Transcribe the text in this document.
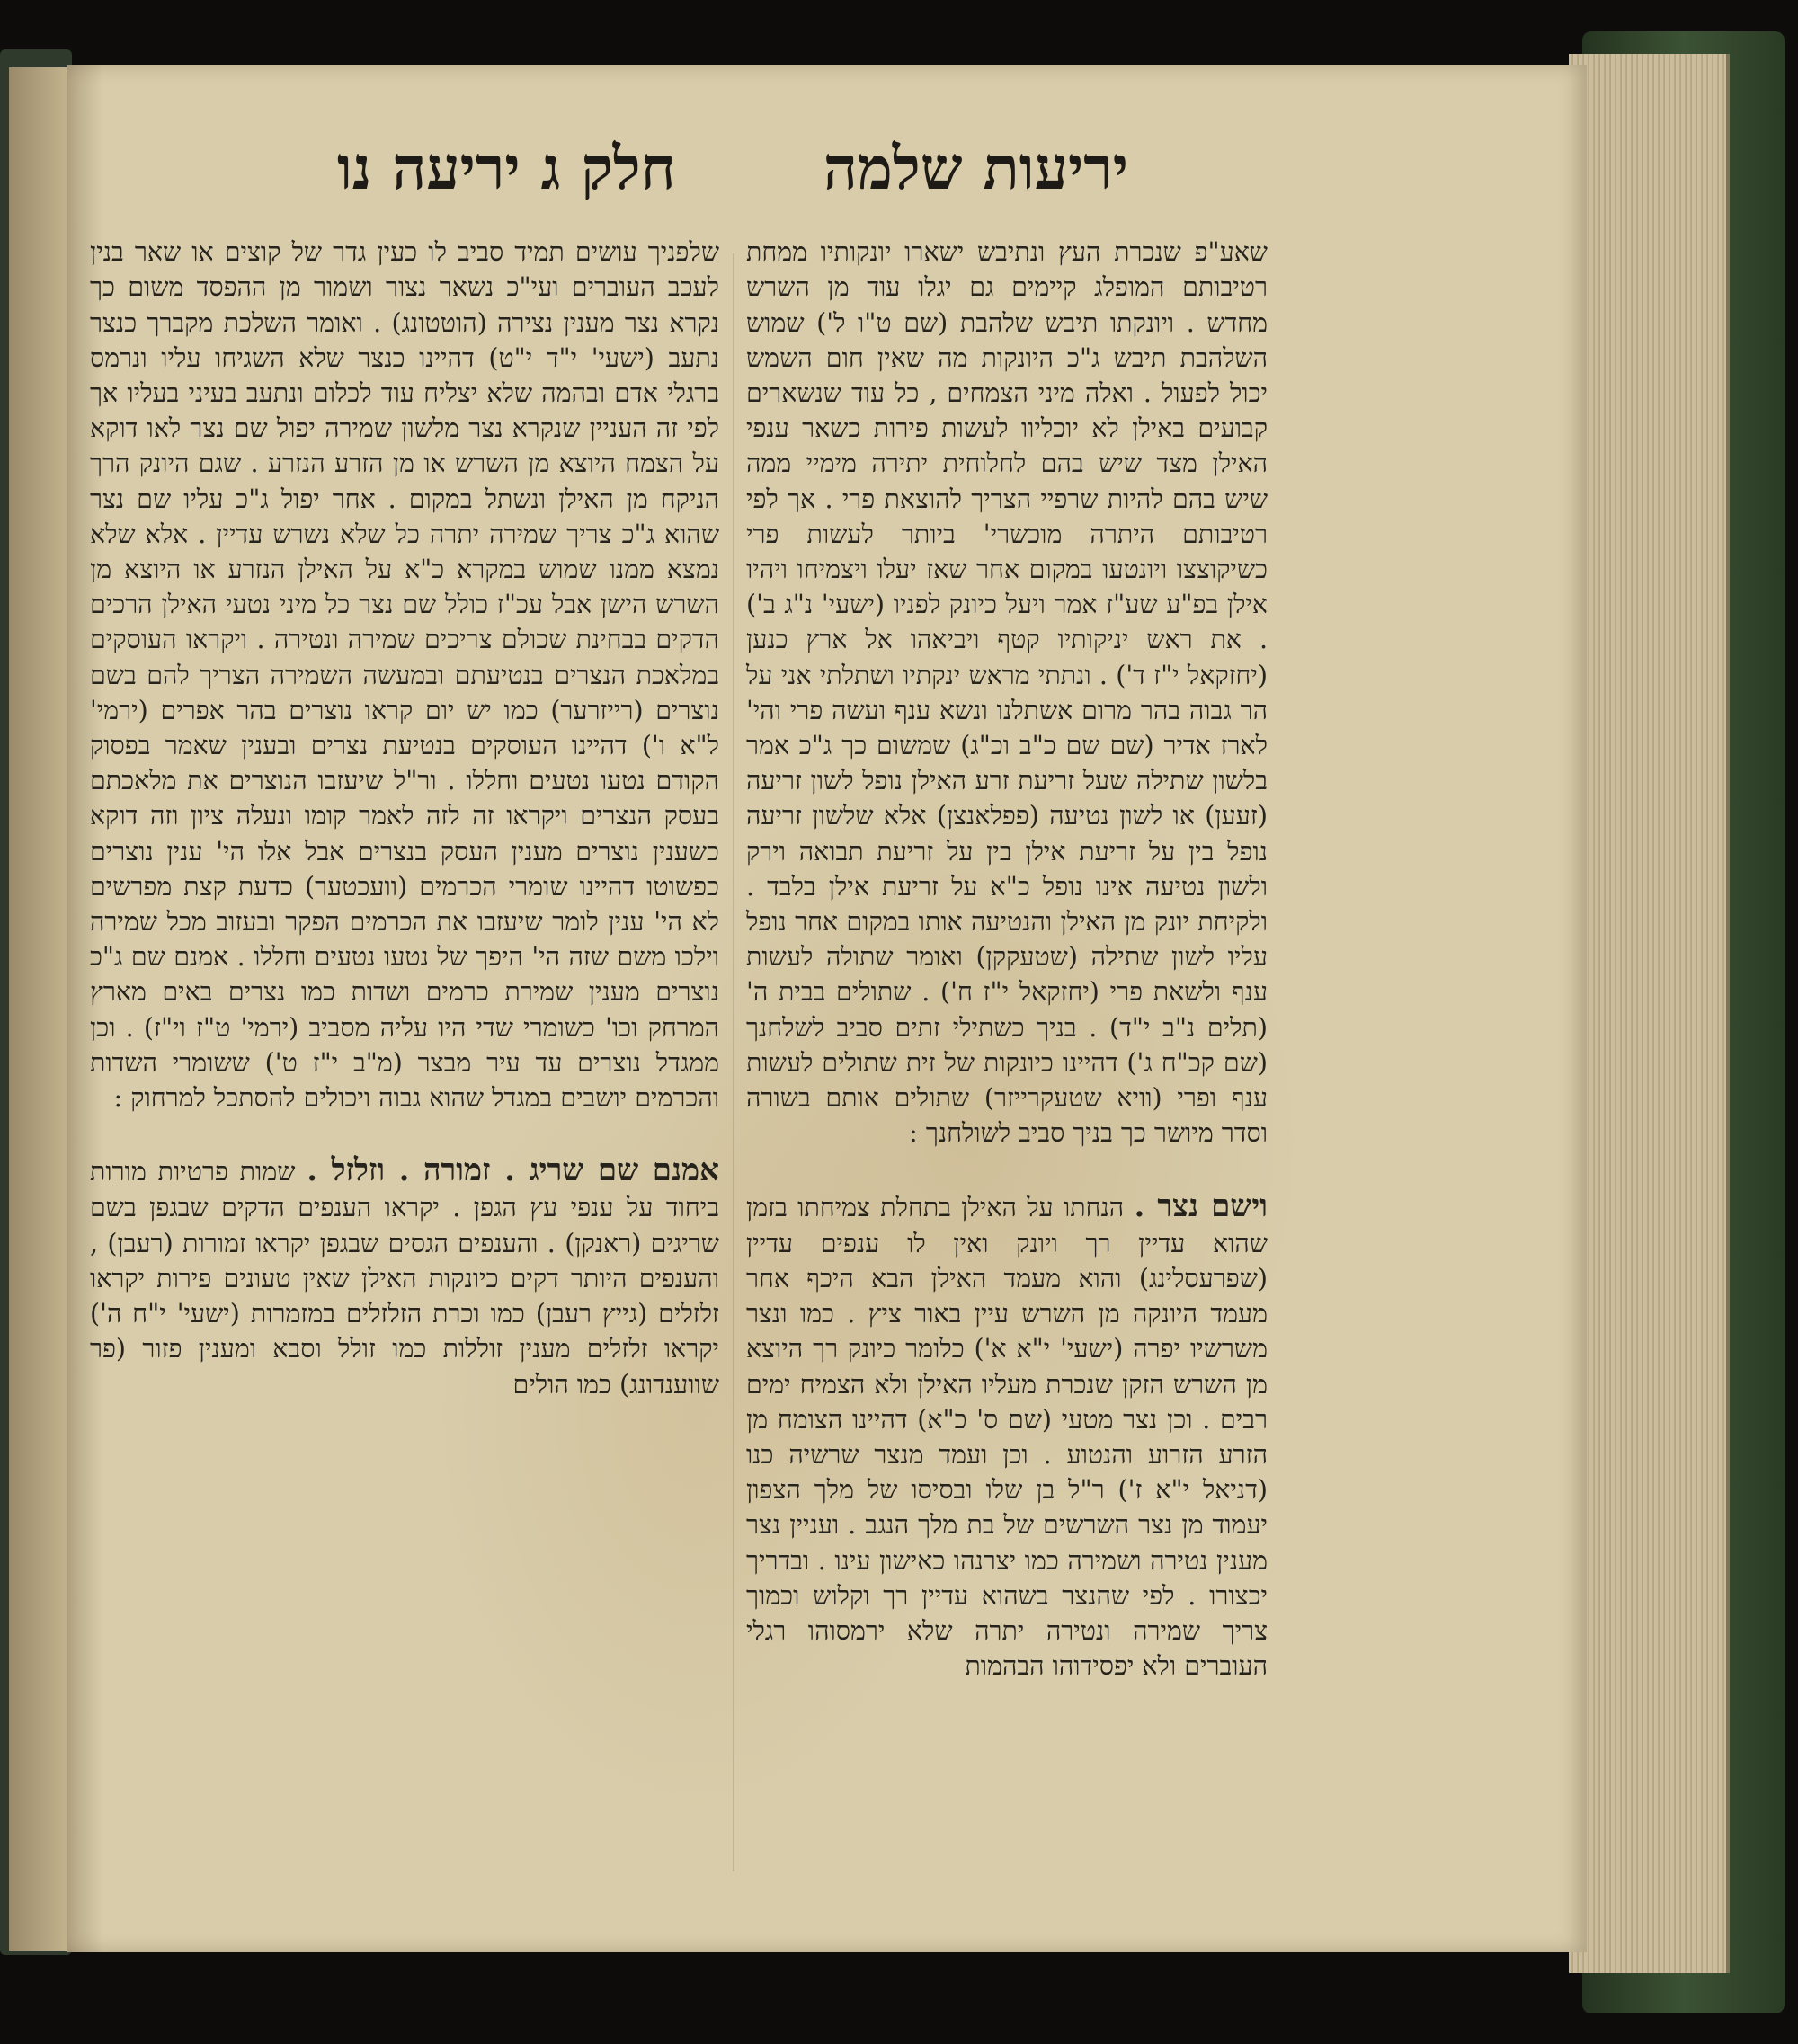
יריעות שלמה
חלק ג יריעה נו

שאע"פ שנכרת העץ ונתיבש ישארו יונקותיו ממחת רטיבותם המופלג קיימים גם יגלו עוד מן השרש מחדש . ויונקתו תיבש שלהבת (שם ט"ו ל') שמוש השלהבת תיבש ג"כ היונקות מה שאין חום השמש יכול לפעול . ואלה מיני הצמחים , כל עוד שנשארים קבועים באילן לא יוכליוו לעשות פירות כשאר ענפי האילן מצד שיש בהם לחלוחית יתירה מימיי ממה שיש בהם להיות שרפיי הצריך להוצאת פרי . אך לפי רטיבותם היתרה מוכשרי' ביותר לעשות פרי כשיקוצצו ויונטעו במקום אחר שאז יעלו ויצמיחו ויהיו אילן בפ"ע שע"ז אמר ויעל כיונק לפניו (ישעי' נ"ג ב') . את ראש יניקותיו קטף ויביאהו אל ארץ כנען (יחזקאל י"ז ד') . ונתתי מראש ינקתיו ושתלתי אני על הר גבוה בהר מרום אשתלנו ונשא ענף ועשה פרי והי' לארז אדיר (שם שם כ"ב וכ"ג) שמשום כך ג"כ אמר בלשון שתילה שעל זריעת זרע האילן נופל לשון זריעה (זעען) או לשון נטיעה (פפלאנצן) אלא שלשון זריעה נופל בין על זריעת אילן בין על זריעת תבואה וירק ולשון נטיעה אינו נופל כ"א על זריעת אילן בלבד . ולקיחת יונק מן האילן והנטיעה אותו במקום אחר נופל עליו לשון שתילה (שטעקקן) ואומר שתולה לעשות ענף ולשאת פרי (יחזקאל י"ז ח') . שתולים בבית ה' (תלים נ"ב י"ד) . בניך כשתילי זתים סביב לשלחנך (שם קכ"ח ג') דהיינו כיונקות של זית שתולים לעשות ענף ופרי (וויא שטעקרייזר) שתולים אותם בשורה וסדר מיושר כך בניך סביב לשולחנך :

וישם נצר . הנחתו על האילן בתחלת צמיחתו בזמן שהוא עדיין רך ויונק ואין לו ענפים עדיין (שפרעסלינג) והוא מעמד האילן הבא היכף אחר מעמד היונקה מן השרש עיין באור ציץ . כמו ונצר משרשיו יפרה (ישעי' י"א א') כלומר כיונק רך היוצא מן השרש הזקן שנכרת מעליו האילן ולא הצמיח ימים רבים . וכן נצר מטעי (שם ס' כ"א) דהיינו הצומח מן הזרע הזרוע והנטוע . וכן ועמד מנצר שרשיה כנו (דניאל י"א ז') ר"ל בן שלו ובסיסו של מלך הצפון יעמוד מן נצר השרשים של בת מלך הנגב . ועניין נצר מענין נטירה ושמירה כמו יצרנהו כאישון עינו . ובדריך יכצורו . לפי שהנצר בשהוא עדיין רך וקלוש וכמוך צריך שמירה ונטירה יתרה שלא ירמסוהו רגלי העוברים ולא יפסידוהו הבהמות

שלפניך עושים תמיד סביב לו כעין גדר של קוצים או שאר בנין לעכב העוברים ועי"כ נשאר נצור ושמור מן ההפסד משום כך נקרא נצר מענין נצירה (הוטטונג) . ואומר השלכת מקברך כנצר נתעב (ישעי' י"ד י"ט) דהיינו כנצר שלא השגיחו עליו ונרמס ברגלי אדם ובהמה שלא יצליח עוד לכלום ונתעב בעיני בעליו אך לפי זה העניין שנקרא נצר מלשון שמירה יפול שם נצר לאו דוקא על הצמח היוצא מן השרש או מן הזרע הנזרע . שגם היונק הרך הניקח מן האילן ונשתל במקום . אחר יפול ג"כ עליו שם נצר שהוא ג"כ צריך שמירה יתרה כל שלא נשרש עדיין . אלא שלא נמצא ממנו שמוש במקרא כ"א על האילן הנזרע או היוצא מן השרש הישן אבל עכ"ז כולל שם נצר כל מיני נטעי האילן הרכים הדקים בבחינת שכולם צריכים שמירה ונטירה . ויקראו העוסקים במלאכת הנצרים בנטיעתם ובמעשה השמירה הצריך להם בשם נוצרים (רייזרער) כמו יש יום קראו נוצרים בהר אפרים (ירמי' ל"א ו') דהיינו העוסקים בנטיעת נצרים ובענין שאמר בפסוק הקודם נטעו נטעים וחללו . ור"ל שיעזבו הנוצרים את מלאכתם בעסק הנצרים ויקראו זה לזה לאמר קומו ונעלה ציון וזה דוקא כשענין נוצרים מענין העסק בנצרים אבל אלו הי' ענין נוצרים כפשוטו דהיינו שומרי הכרמים (וועכטער) כדעת קצת מפרשים לא הי' ענין לומר שיעזבו את הכרמים הפקר ובעזוב מכל שמירה וילכו משם שזה הי' היפך של נטעו נטעים וחללו . אמנם שם ג"כ נוצרים מענין שמירת כרמים ושדות כמו נצרים באים מארץ המרחק וכו' כשומרי שדי היו עליה מסביב (ירמי' ט"ז וי"ז) . וכן ממגדל נוצרים עד עיר מבצר (מ"ב י"ז ט') ששומרי השדות והכרמים יושבים במגדל שהוא גבוה ויכולים להסתכל למרחוק :

אמנם שם שריג . זמורה . וזלזל . שמות פרטיות מורות ביחוד על ענפי עץ הגפן . יקראו הענפים הדקים שבגפן בשם שריגים (ראנקן) . והענפים הגסים שבגפן יקראו זמורות (רעבן) , והענפים היותר דקים כיונקות האילן שאין טעונים פירות יקראו זלזלים (גייץ רעבן) כמו וכרת הזלזלים במזמרות (ישעי' י"ח ה') יקראו זלזלים מענין זוללות כמו זולל וסבא ומענין פזור (פר שווענדונג) כמו הולים
